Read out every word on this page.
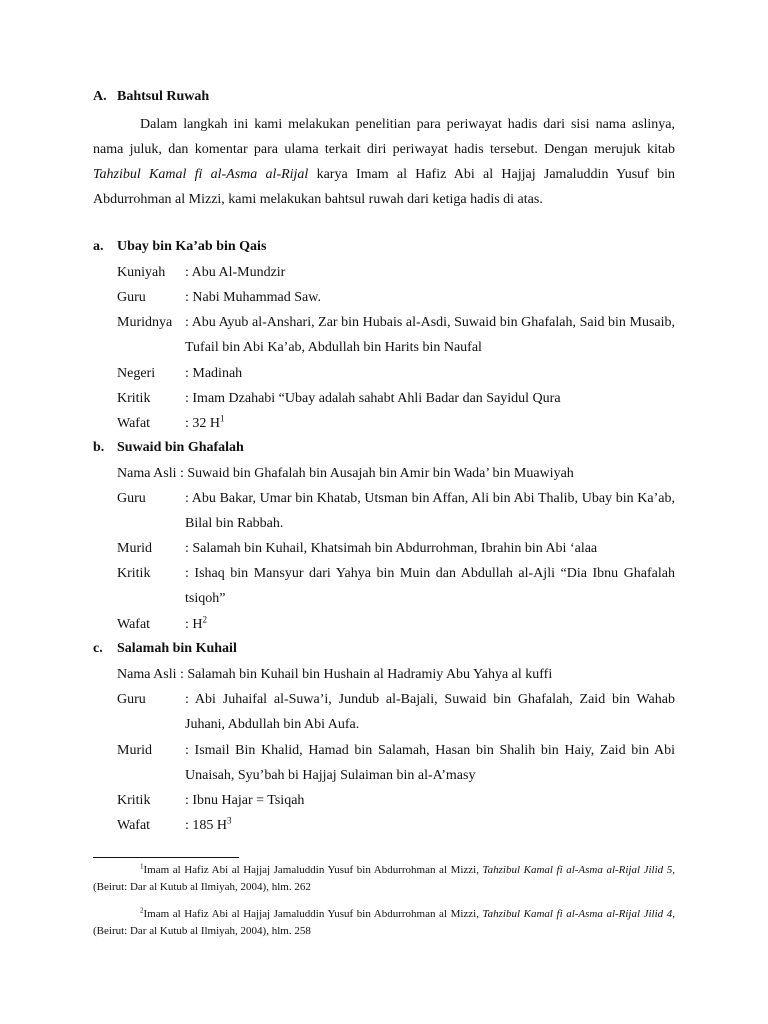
A. Bahtsul Ruwah

Dalam langkah ini kami melakukan penelitian para periwayat hadis dari sisi nama aslinya, nama juluk, dan komentar para ulama terkait diri periwayat hadis tersebut. Dengan merujuk kitab Tahzibul Kamal fi al-Asma al-Rijal karya Imam al Hafiz Abi al Hajjaj Jamaluddin Yusuf bin Abdurrohman al Mizzi, kami melakukan bahtsul ruwah dari ketiga hadis di atas.

a. Ubay bin Ka’ab bin Qais
Kuniyah : Abu Al-Mundzir
Guru	: Nabi Muhammad Saw.
Muridnya : Abu Ayub al-Anshari, Zar bin Hubais al-Asdi, Suwaid bin Ghafalah, Said bin Musaib, Tufail bin Abi Ka’ab, Abdullah bin Harits bin Naufal
Negeri : Madinah
Kritik : Imam Dzahabi “Ubay adalah sahabt Ahli Badar dan Sayidul Qura
Wafat : 32 $H^1$
b. Suwaid bin Ghafalah
Nama Asli : Suwaid bin Ghafalah bin Ausajah bin Amir bin Wada’ bin Muawiyah
Guru	: Abu Bakar, Umar bin Khatab, Utsman bin Affan, Ali bin Abi Thalib, Ubay bin Ka’ab, Bilal bin Rabbah.
Murid : Salamah bin Kuhail, Khatsimah bin Abdurrohman, Ibrahin bin Abi ‘alaa
Kritik : Ishaq bin Mansyur dari Yahya bin Muin dan Abdullah al-Ajli “Dia Ibnu Ghafalah tsiqoh”
Wafat : $H^2$
c. Salamah bin Kuhail
Nama Asli : Salamah bin Kuhail bin Hushain al Hadramiy Abu Yahya al kuffi
Guru	: Abi Juhaifal al-Suwa’i, Jundub al-Bajali, Suwaid bin Ghafalah, Zaid bin Wahab Juhani, Abdullah bin Abi Aufa.
Murid : Ismail Bin Khalid, Hamad bin Salamah, Hasan bin Shalih bin Haiy, Zaid bin Abi Unaisah, Syu’bah bi Hajjaj Sulaiman bin al-A’masy
Kritik : Ibnu Hajar = Tsiqah
Wafat : 185 $H^3$

$^1$Imam al Hafiz Abi al Hajjaj Jamaluddin Yusuf bin Abdurrohman al Mizzi, Tahzibul Kamal fi al-Asma al-Rijal Jilid 5, (Beirut: Dar al Kutub al Ilmiyah, 2004), hlm. 262

$^2$Imam al Hafiz Abi al Hajjaj Jamaluddin Yusuf bin Abdurrohman al Mizzi, Tahzibul Kamal fi al-Asma al-Rijal Jilid 4, (Beirut: Dar al Kutub al Ilmiyah, 2004), hlm. 258
